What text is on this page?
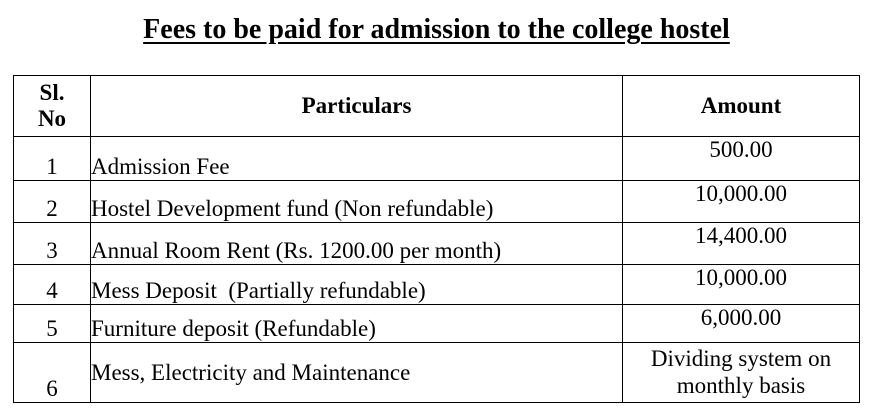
Fees to be paid for admission to the college hostel
Sl.
No	Particulars	Amount
1	Admission Fee	500.00
2	Hostel Development fund (Non refundable)	10,000.00
3	Annual Room Rent (Rs. 1200.00 per month)	14,400.00
4	Mess Deposit  (Partially refundable)	10,000.00
5	Furniture deposit (Refundable)	6,000.00
6	Mess, Electricity and Maintenance	Dividing system on
monthly basis
